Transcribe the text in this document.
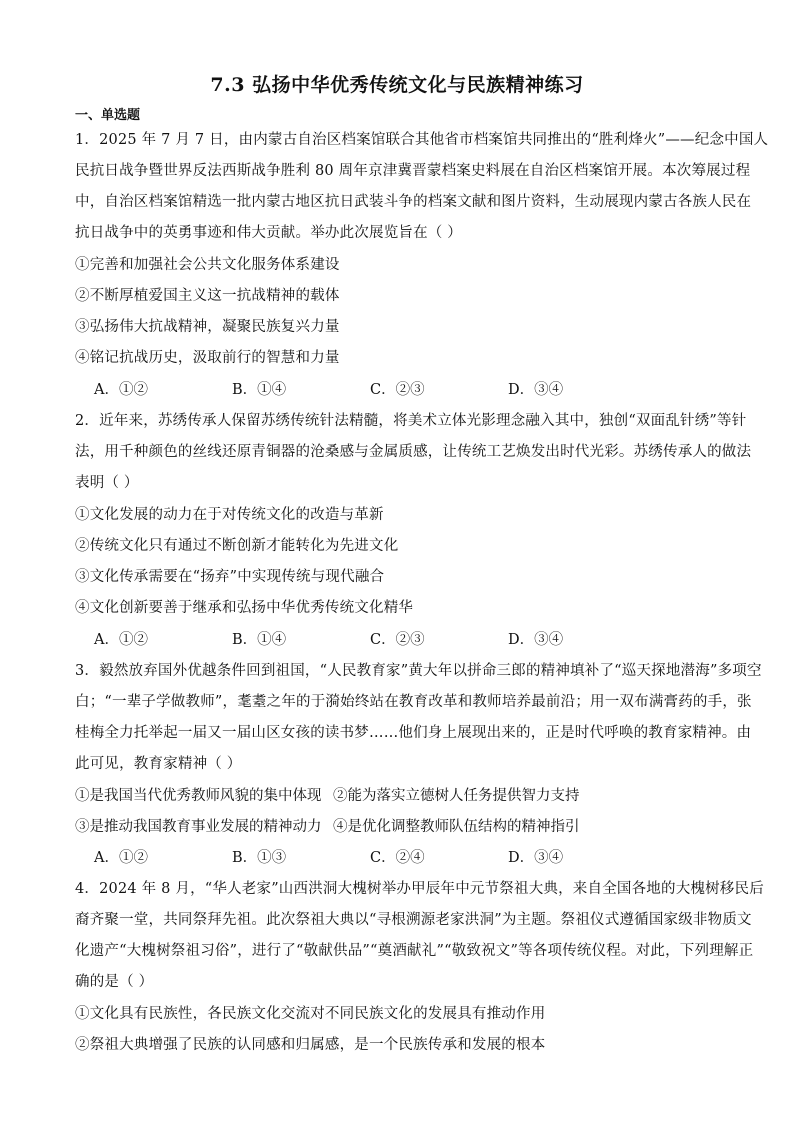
7.3 弘扬中华优秀传统文化与民族精神练习
一、单选题
1．2025 年 7 月 7 日，由内蒙古自治区档案馆联合其他省市档案馆共同推出的“胜利烽火”——纪念中国人
民抗日战争暨世界反法西斯战争胜利 80 周年京津冀晋蒙档案史料展在自治区档案馆开展。本次筹展过程
中，自治区档案馆精选一批内蒙古地区抗日武装斗争的档案文献和图片资料，生动展现内蒙古各族人民在
抗日战争中的英勇事迹和伟大贡献。举办此次展览旨在（ ）
①完善和加强社会公共文化服务体系建设
②不断厚植爱国主义这一抗战精神的载体
③弘扬伟大抗战精神，凝聚民族复兴力量
④铭记抗战历史，汲取前行的智慧和力量
A．①②	B．①④	C．②③	D．③④
2．近年来，苏绣传承人保留苏绣传统针法精髓，将美术立体光影理念融入其中，独创“双面乱针绣”等针
法，用千种颜色的丝线还原青铜器的沧桑感与金属质感，让传统工艺焕发出时代光彩。苏绣传承人的做法
表明（ ）
①文化发展的动力在于对传统文化的改造与革新
②传统文化只有通过不断创新才能转化为先进文化
③文化传承需要在“扬弃”中实现传统与现代融合
④文化创新要善于继承和弘扬中华优秀传统文化精华
A．①②	B．①④	C．②③	D．③④
3．毅然放弃国外优越条件回到祖国，“人民教育家”黄大年以拼命三郎的精神填补了“巡天探地潜海”多项空
白；“一辈子学做教师”，耄耋之年的于漪始终站在教育改革和教师培养最前沿；用一双布满膏药的手，张
桂梅全力托举起一届又一届山区女孩的读书梦……他们身上展现出来的，正是时代呼唤的教育家精神。由
此可见，教育家精神（ ）
①是我国当代优秀教师风貌的集中体现 ②能为落实立德树人任务提供智力支持
③是推动我国教育事业发展的精神动力 ④是优化调整教师队伍结构的精神指引
A．①②	B．①③	C．②④	D．③④
4．2024 年 8 月，“华人老家”山西洪洞大槐树举办甲辰年中元节祭祖大典，来自全国各地的大槐树移民后
裔齐聚一堂，共同祭拜先祖。此次祭祖大典以“寻根溯源老家洪洞”为主题。祭祖仪式遵循国家级非物质文
化遗产“大槐树祭祖习俗”，进行了“敬献供品”“奠酒献礼”“敬致祝文”等各项传统仪程。对此，下列理解正
确的是（ ）
①文化具有民族性，各民族文化交流对不同民族文化的发展具有推动作用
②祭祖大典增强了民族的认同感和归属感，是一个民族传承和发展的根本
